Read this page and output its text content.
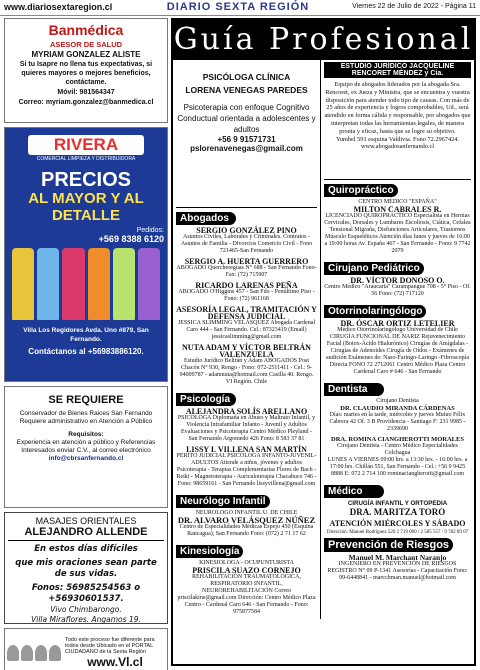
www.diariosextaregion.cl	DIARIO SEXTA REGIÓN	Viernes 22 de Julio de 2022 - Página 11
Banmédica
ASESOR DE SALUD
MYRIAM GONZALEZ ALISTE
Si tu Isapre no llena tus expectativas, si quieres mayores o mejores beneficios, contáctame.
Móvil: 981564347
Correo: myriam.gonzalez@banmedica.cl
RIVERA
COMERCIAL LIMPIEZA Y DISTRIBUIDORA
PRECIOS
AL MAYOR Y AL DETALLE
Pedidos:
+569 8388 6120
Villa Los Regidores Avda. Uno #879, San Fernando.
Contáctanos al +56983886120.
SE REQUIERE

Conservador de Bienes Raices San Fernando Requiere administrativo en Atención a Público

Requisitos:

Experiencia en atención a público y Referencias Interesados enviar C.V., al correo electrónico

info@cbrsanfernando.cl

MASAJES ORIENTALES
ALEJANDRO ALLENDE
En estos días difíciles
que mis oraciones sean parte de sus vidas.
Fonos: 56985254563 o +56930601537.
Vivo Chimbarongo.
Villa Miraflores. Angamos 19.
Todo este proceso fue diferente para todos desde Ubicado en el PORTAL CIUDADANO de la Sexta Región
www.Vl.cl
Guía Profesional
PSICÓLOGA CLÍNICA
LORENA VENEGAS PAREDES
Psicoterapia con enfoque Cognitivo Conductual orientada a adolescentes y adultos
+56 9 91571731
pslorenavenegas@gmail.com
Abogados
SERGIO GONZÁLEZ PINO
Asuntos Civiles, Laborales y Criminales. Contratos - Asuntos de Familia - Divorcios Comercio Civil - Fono 721465-San Fernando
SERGIO A. HUERTA GUERRERO
ABOGADO Querchereguas N° 688 - San Fernando Fono-Fax: (72) 715907
RICARDO LARENAS PEÑA
ABOGADO O'Higgins 457 - San Fdo - Penúltimo Piso - Fono: (72) 961168
ASESORÍA LEGAL, TRAMITACIÓN Y DEFENSA JUDICIAL
JESSICA SLIMMING VELÁSQUEZ Abogada Cardenal Caro 444 - San Fernando. Cel.: 87323419 (Email) jessicaslimming@gmail.com
NUTA ADAM Y VÍCTOR BELTRÁN VALENZUELA
Estudio Jurídico Beltrán y Adam ABOGADOS Post Chacón N° 930, Rengo - Fono: 072-2511411 - Cel.: 9-94009787 - adamnuta@hotmail.com Casilla 40. Rengo. VI Región. Chile
Psicología
ALEJANDRA SOLÍS ARELLANO
PSICÓLOGA Diplomada en Abuso y Maltrato Infantil, y Violencia Intrafamiliar Infanto - Juvenil y Adultos Evaluaciones y Psicoterapia Centro Médico Pleyland - San Fernando Argomedo 426 Fono: 8 583 37 81
LISSY I. VILLENA SAN MARTÍN
PERITO JUDICIAL PSICÓLOGA INFANTO-JUVENIL-ADULTOS Atiende a niños, jóvenes y adultos Psicoterapia - Terapias Complementarias Flores de Bach - Reiki - Magnetoterapia - Auriculoterapia Chacabuco 746 - Fono: 98659161 - San Fernando lissyvillena@gmail.com
Neurólogo Infantil
NEUROLOGO INFANTIL U. DE CHILE
DR. ALVARO VELÁSQUEZ NÚÑEZ
Centro de Especialidades Médicas Espejo 450 (Esquina Rancagua), San Fernando Fono: (072) 2 71 17 62
Kinesiología
KINESIOLOGA - OCUPUNTURISTA
PRISCILA SUAZO CORNEJO
REHABILITACIÓN TRAUMATOLÓGICA, RESPIRATORIO INFANTIL, NEUROREHABILITACIÓN Correo priscilakine@gmail.com Dirección: Centro Médico Plaza Centro - Cardenal Caro 646 - San Fernando - Fono: 975877584
ESTUDIO JURÍDICO JACQUELINE RENCORET MÉNDEZ y Cía.

Equipo de abogados liderados por la abogada Sra. Rencoret, ex Jueza y Ministra, que se encuentra y vuestra disposición para atender todo tipo de causas. Con más de 25 años de experiencia y logros comprobables, Ud., será atendido en forma cálida y responsable, por abogados que interpretan todas las herramientas legales, de manera pronta y eficaz, hasta que se logre su objetivo.

Yumbel 591 esquina Valdivia. Fono 72.2967424.

www.abogadosanfernando.cl

Quiropráctico
CENTRO MÉDICO "ESPAÑA"
MILTON CABRALES R.
LICENCIADO QUIROPRACTICO Especialista en Hernias Cervicales, Dorsales y Lumbares Escoliosis, Ciática, Cefalea Tensional Migraña, Disfunciones Articulares, Trastornos Músculo Esqueléticos Atención días lunes y jueves de 16:00 a 19:00 horas Av. España 467 - San Fernando - Fono: 9 7742 2079
Cirujano Pediátrico
DR. VÍCTOR DONOSO O.
Centro Médico "Araucaria" Carampangue 708 - 5° Piso - Of. 56 Fono: (72) 717120
Otorrinolaringólogo
DR. ÓSCAR ORTIZ LETELIER
Médico Otorrinolaringólogo Universidad de Chile CIRUGÍA FUNCIONAL DE NARIZ Rejuvenecimiento Facial (Botox-Ácido Hialurónico) Cirugías de Amígdalas - Cirugías de Adenoides Cirugía de Oídos - Exámenes de audición Exámenes de: Naso-Faringo-Laringo -Fibroscopía Directa FONO 72 2712061 Centro Médico Plaza Centro Cardenal Caro # 646 - San Fernando
Dentista
Cirujano Dentista
DR. CLAUDIO MIRANDA CÁRDENAS
Días: martes en la tarde, miércoles y jueves Mutuo Félix Cabrera 42 Of. 3 B Providencia - Santiago F: 231 9985 - 2339690
DRA. ROMINA CIANGHEROTTI MORALES
Cirujano Dentista - Centro Médico Especialidades Colchagua
LUNES A VIERNES 09:00 hrs. a 13:30 hrs. - 16:00 hrs. a 17:00 hrs. Chillán 551, San Fernando - Cel.: +56 9 9425 8888 E: 072 2 714 100 rominaciangherotti@gmail.com
Médico
CIRUGÍA INFANTIL Y ORTOPEDIA
DRA. MARITZA TORO
ATENCIÓN MIÉRCOLES Y SÁBADO
Dirección: Manuel Rodríguez 520 2 719 000 / 2 585 557 / 9 782 89 07
Prevención de Riesgos
Manuel M. Marchant Naranjo
INGENIERO EN PREVENCIÓN DE RIESGOS REGISTRO N° 09 P-1341 Asesorías - Capacitación Fono: 99-6448841 - marcchman.manuel@hotmail.com
